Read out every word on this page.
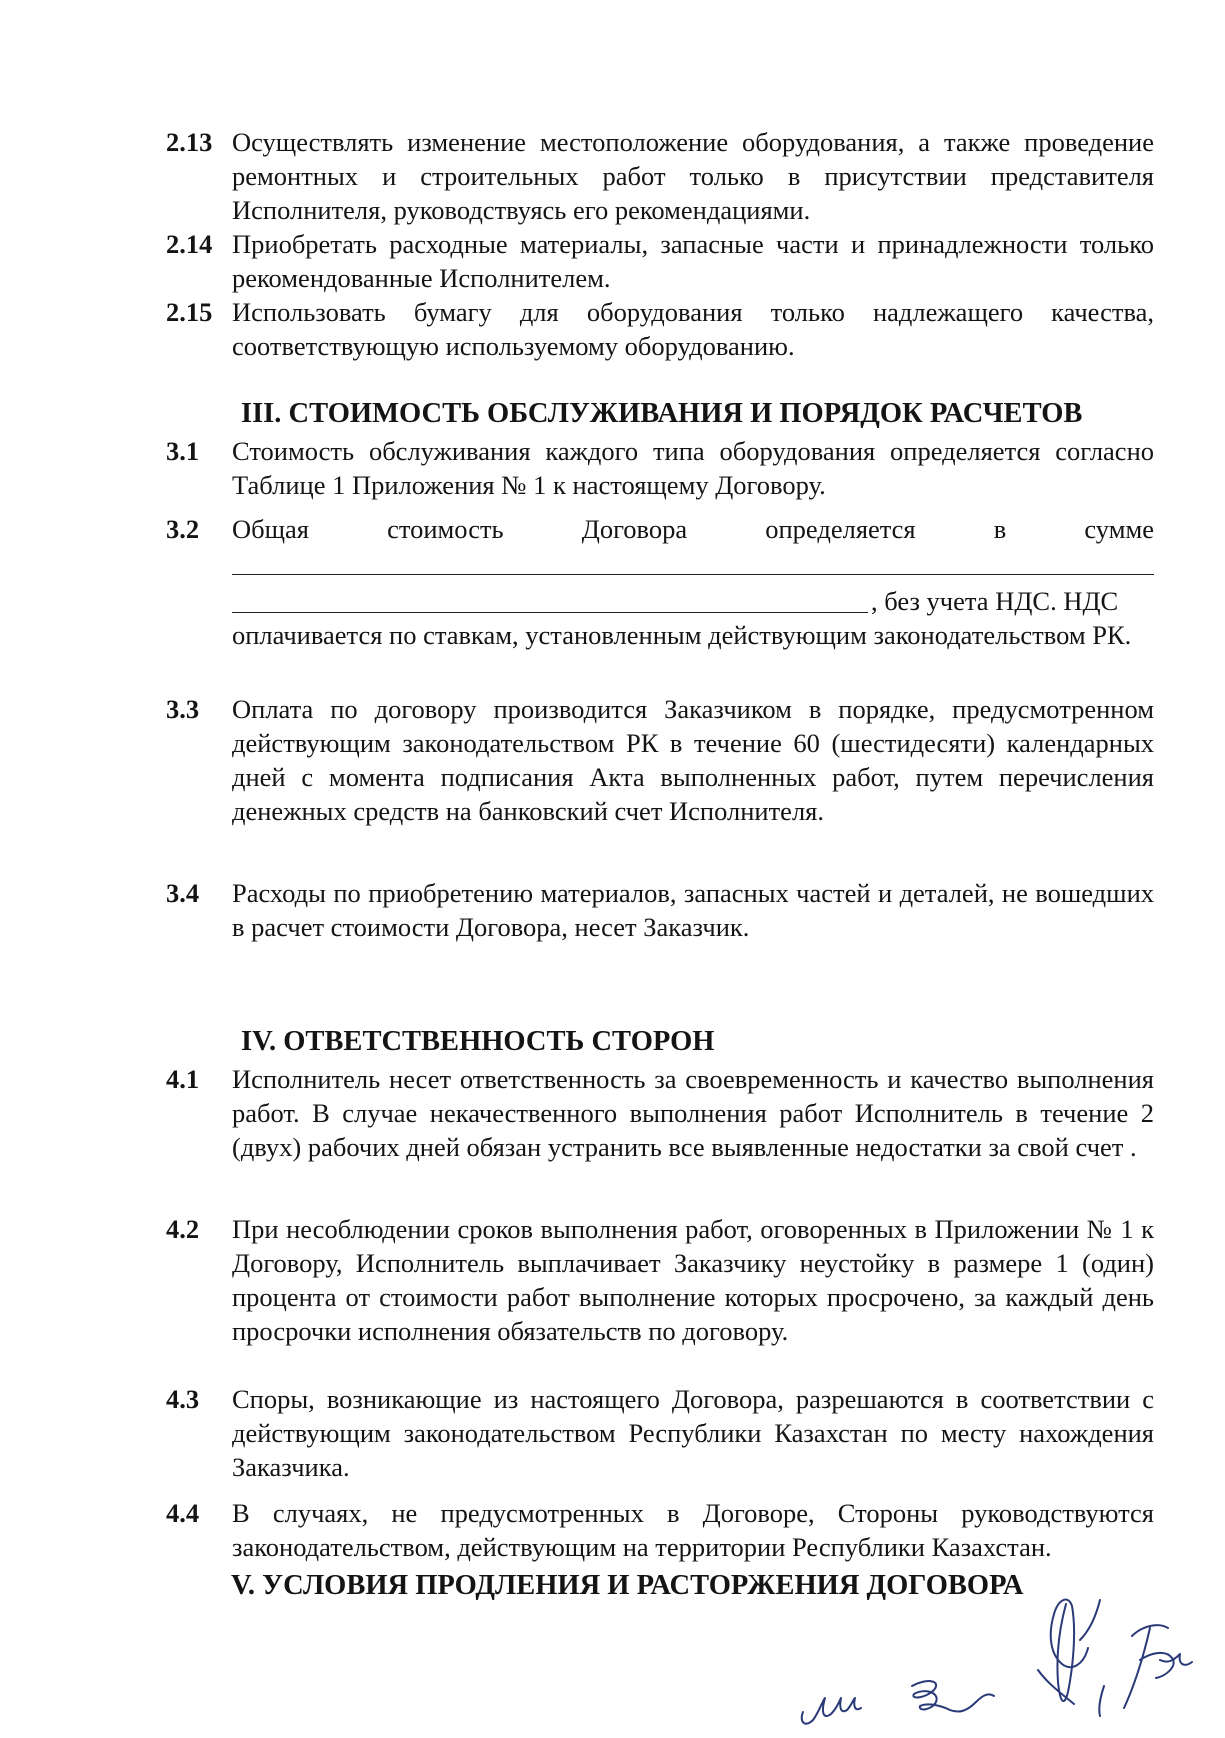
2.13 Осуществлять изменение местоположение оборудования, а также проведение ремонтных и строительных работ только в присутствии представителя Исполнителя, руководствуясь его рекомендациями.
2.14 Приобретать расходные материалы, запасные части и принадлежности только рекомендованные Исполнителем.
2.15 Использовать бумагу для оборудования только надлежащего качества, соответствующую используемому оборудованию.
III. СТОИМОСТЬ ОБСЛУЖИВАНИЯ И ПОРЯДОК РАСЧЕТОВ
3.1 Стоимость обслуживания каждого типа оборудования определяется согласно Таблице 1 Приложения № 1 к настоящему Договору.
3.2 Общая стоимость Договора определяется в сумме
, без учета НДС. НДС
оплачивается по ставкам, установленным действующим законодательством РК.
3.3 Оплата по договору производится Заказчиком в порядке, предусмотренном действующим законодательством РК в течение 60 (шестидесяти) календарных дней с момента подписания Акта выполненных работ, путем перечисления денежных средств на банковский счет Исполнителя.
3.4 Расходы по приобретению материалов, запасных частей и деталей, не вошедших в расчет стоимости Договора, несет Заказчик.
IV. ОТВЕТСТВЕННОСТЬ СТОРОН
4.1 Исполнитель несет ответственность за своевременность и качество выполнения работ. В случае некачественного выполнения работ Исполнитель в течение 2 (двух) рабочих дней обязан устранить все выявленные недостатки за свой счет .
4.2 При несоблюдении сроков выполнения работ, оговоренных в Приложении № 1 к Договору, Исполнитель выплачивает Заказчику неустойку в размере 1 (один) процента от стоимости работ выполнение которых просрочено, за каждый день просрочки исполнения обязательств по договору.
4.3 Споры, возникающие из настоящего Договора, разрешаются в соответствии с действующим законодательством Республики Казахстан по месту нахождения Заказчика.
4.4 В случаях, не предусмотренных в Договоре, Стороны руководствуются законодательством, действующим на территории Республики Казахстан.
V. УСЛОВИЯ ПРОДЛЕНИЯ И РАСТОРЖЕНИЯ ДОГОВОРА
